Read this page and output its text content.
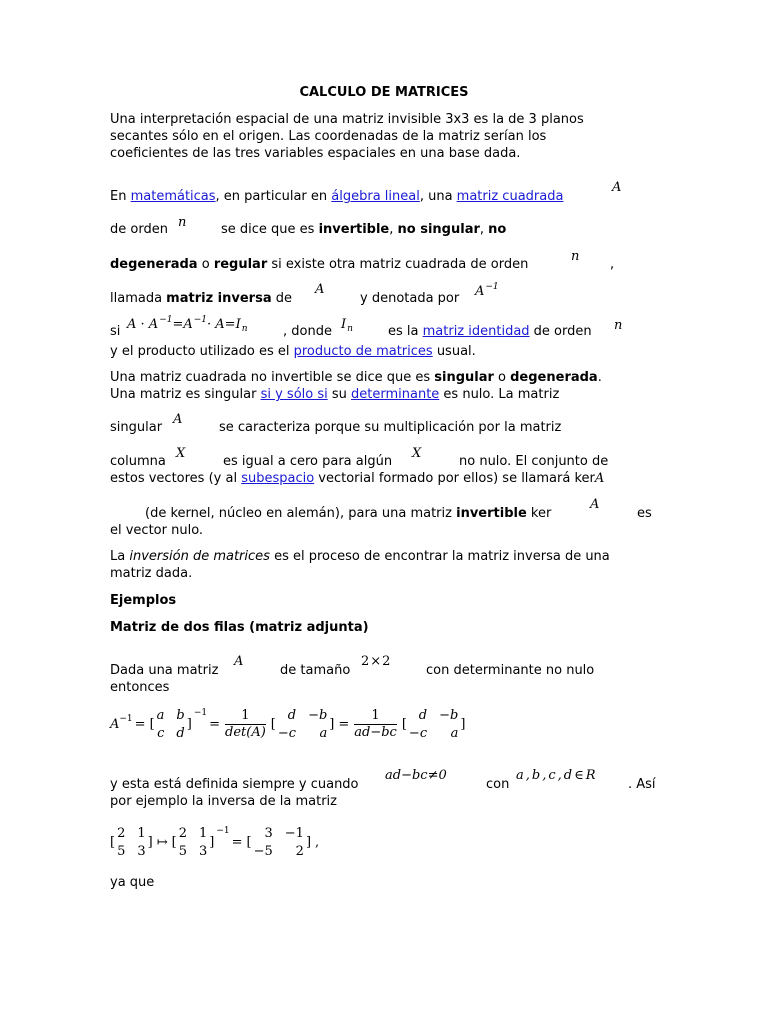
CALCULO DE MATRICES
Una interpretación espacial de una matriz invisible 3x3 es la de 3 planos
secantes sólo en el origen. Las coordenadas de la matriz serían los
coeficientes de las tres variables espaciales en una base dada.
En matemáticas, en particular en álgebra lineal, una matriz cuadrada
A
de orden n	se dice que es invertible, no singular, no
degenerada o regular si existe otra matriz cuadrada de orden
n
,
llamada matriz inversa de
A
y denotada por $A^{-1}$
si $A \cdot A^{-1}=A^{-1}\cdot A=I_n$	, donde $I_n$	es la matriz identidad de orden n
y el producto utilizado es el producto de matrices usual.
Una matriz cuadrada no invertible se dice que es singular o degenerada.
Una matriz es singular si y sólo si su determinante es nulo. La matriz
singular
A
se caracteriza porque su multiplicación por la matriz
columna
X
es igual a cero para algún
X
no nulo. El conjunto de
estos vectores (y al subespacio vectorial formado por ellos) se llamará kerA
(de kernel, núcleo en alemán), para una matriz invertible ker
A
es
el vector nulo.
La inversión de matrices es el proceso de encontrar la matriz inversa de una
matriz dada.
Ejemplos
Matriz de dos filas (matriz adjunta)
Dada una matriz
A
de tamaño
2×2
con determinante no nulo
entonces
A −1 = [
a b
c d
]
−1
= $\frac{1}{\det(A)}$ [
d −b
−c	a
] = $\frac{1}{ad-bc}$ [
d −b
−c	a
]
y esta está definida siempre y cuando
ad−bc≠0
con
a,b,c,d∈R
. Así
por ejemplo la inversa de la matriz
[
2 1
5 3
] ↦ [
2 1
5 3
]
−1
= [
3 −1
−5	2
] ,
ya que
